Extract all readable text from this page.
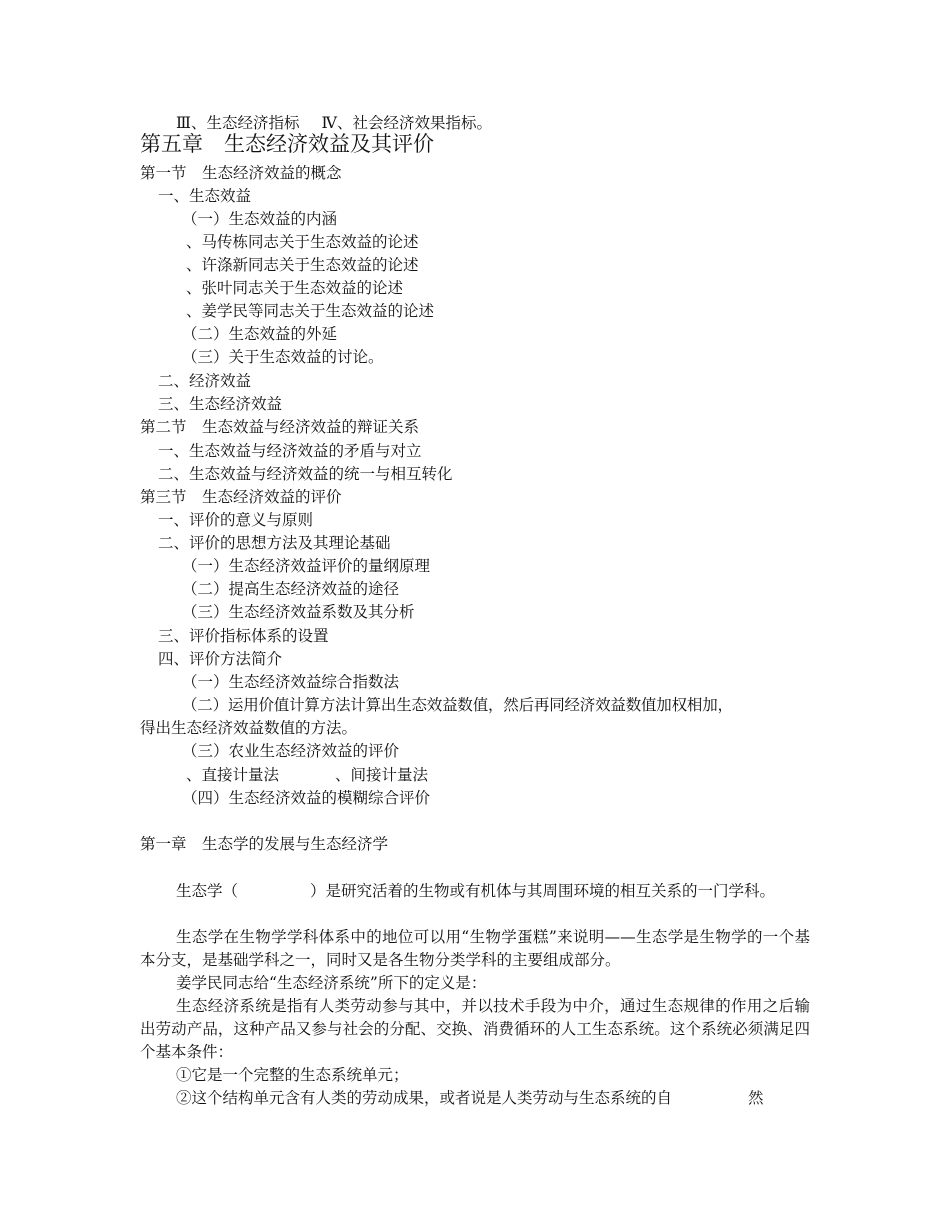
Ⅲ、生态经济指标 Ⅳ、社会经济效果指标。
第五章　生态经济效益及其评价
第一节　生态经济效益的概念
一、生态效益
（一）生态效益的内涵
、马传栋同志关于生态效益的论述
、许涤新同志关于生态效益的论述
、张叶同志关于生态效益的论述
、姜学民等同志关于生态效益的论述
（二）生态效益的外延
（三）关于生态效益的讨论。
二、经济效益
三、生态经济效益
第二节　生态效益与经济效益的辩证关系
一、生态效益与经济效益的矛盾与对立
二、生态效益与经济效益的统一与相互转化
第三节　生态经济效益的评价
一、评价的意义与原则
二、评价的思想方法及其理论基础
（一）生态经济效益评价的量纲原理
（二）提高生态经济效益的途径
（三）生态经济效益系数及其分析
三、评价指标体系的设置
四、评价方法简介
（一）生态经济效益综合指数法
（二）运用价值计算方法计算出生态效益数值，然后再同经济效益数值加权相加，
得出生态经济效益数值的方法。
（三）农业生态经济效益的评价
、直接计量法	、间接计量法
（四）生态经济效益的模糊综合评价
第一章　生态学的发展与生态经济学
生态学（	）是研究活着的生物或有机体与其周围环境的相互关系的一门学科。
生态学在生物学学科体系中的地位可以用“生物学蛋糕”来说明——生态学是生物学的一个基本分支，是基础学科之一，同时又是各生物分类学科的主要组成部分。
姜学民同志给“生态经济系统”所下的定义是：
生态经济系统是指有人类劳动参与其中，并以技术手段为中介，通过生态规律的作用之后输出劳动产品，这种产品又参与社会的分配、交换、消费循环的人工生态系统。这个系统必须满足四个基本条件：
①它是一个完整的生态系统单元；
②这个结构单元含有人类的劳动成果，或者说是人类劳动与生态系统的自	然
